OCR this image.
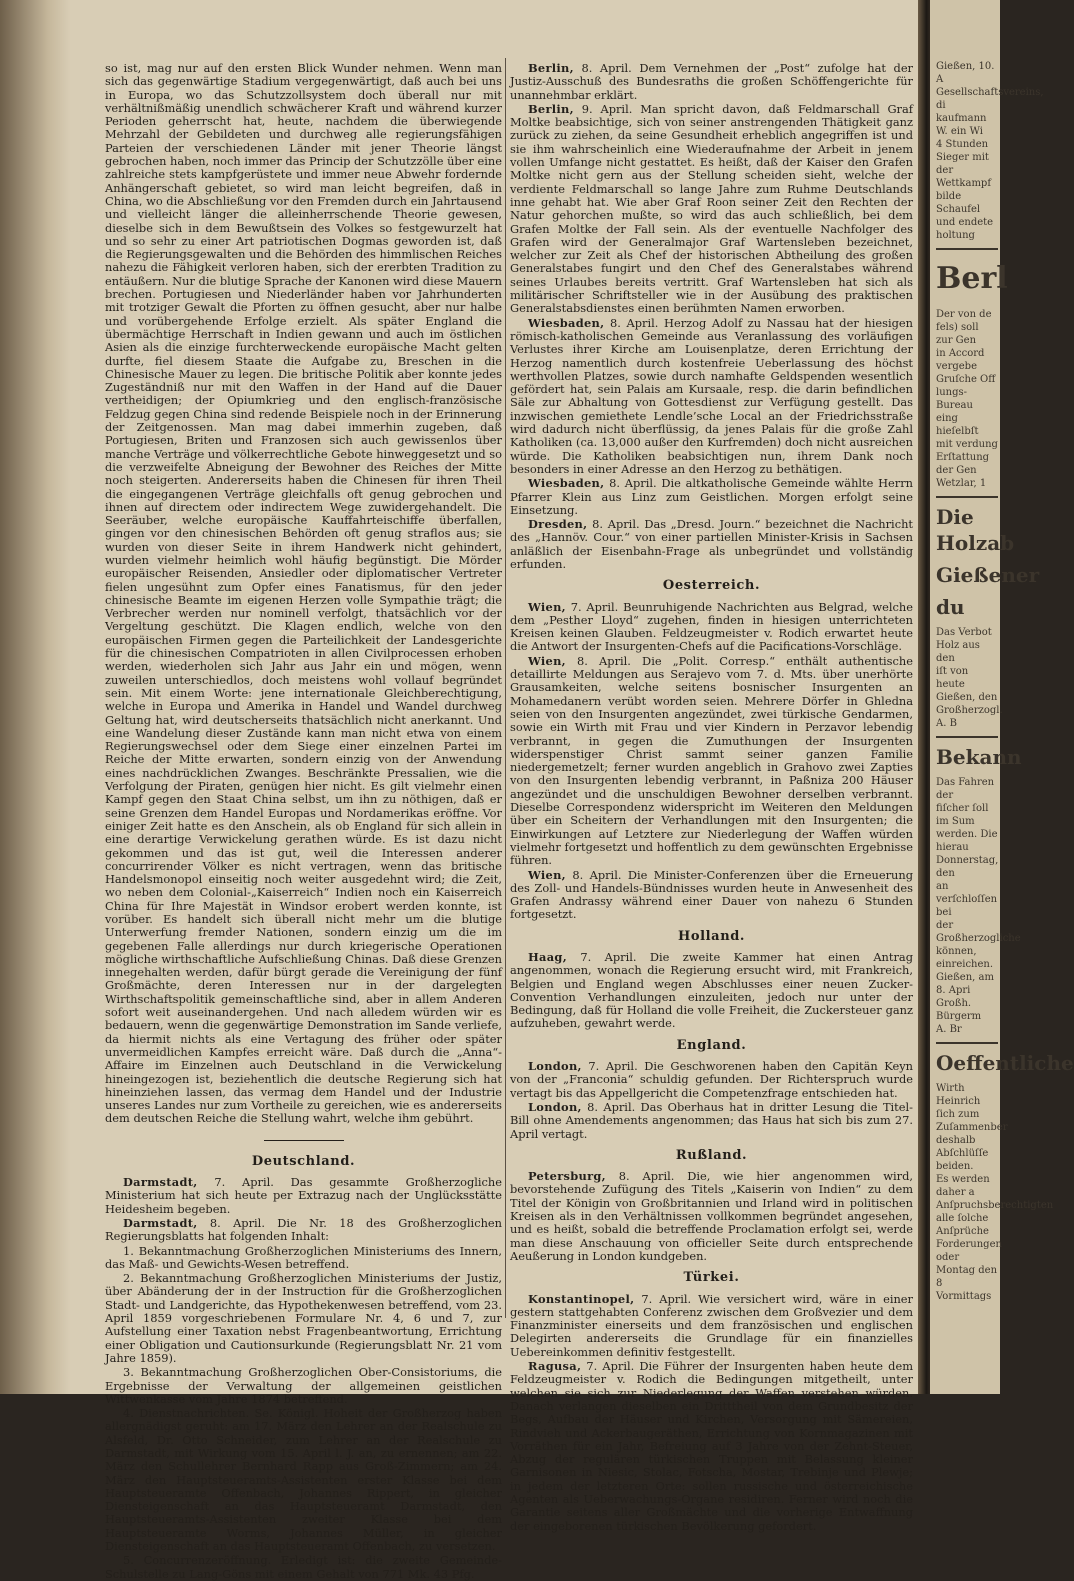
so ist, mag nur auf den ersten Blick Wunder nehmen. Wenn man sich das gegenwärtige Stadium vergegenwärtigt, daß auch bei uns in Europa, wo das Schutzzollsystem doch überall nur mit verhältnißmäßig unendlich schwächerer Kraft und während kurzer Perioden geherrscht hat, heute, nachdem die überwiegende Mehrzahl der Gebildeten und durchweg alle regierungsfähigen Parteien der verschiedenen Länder mit jener Theorie längst gebrochen haben, noch immer das Princip der Schutzzölle über eine zahlreiche stets kampfgerüstete und immer neue Abwehr fordernde Anhängerschaft gebietet, so wird man leicht begreifen, daß in China, wo die Abschließung vor den Fremden durch ein Jahrtausend und vielleicht länger die alleinherrschende Theorie gewesen, dieselbe sich in dem Bewußtsein des Volkes so festgewurzelt hat und so sehr zu einer Art patriotischen Dogmas geworden ist, daß die Regierungsgewalten und die Behörden des himmlischen Reiches nahezu die Fähigkeit verloren haben, sich der ererbten Tradition zu entäußern. Nur die blutige Sprache der Kanonen wird diese Mauern brechen. Portugiesen und Niederländer haben vor Jahrhunderten mit trotziger Gewalt die Pforten zu öffnen gesucht, aber nur halbe und vorübergehende Erfolge erzielt. Als später England die übermächtige Herrschaft in Indien gewann und auch im östlichen Asien als die einzige furchterweckende europäische Macht gelten durfte, fiel diesem Staate die Aufgabe zu, Breschen in die Chinesische Mauer zu legen. Die britische Politik aber konnte jedes Zugeständniß nur mit den Waffen in der Hand auf die Dauer vertheidigen; der Opiumkrieg und den englisch-französische Feldzug gegen China sind redende Beispiele noch in der Erinnerung der Zeitgenossen. Man mag dabei immerhin zugeben, daß Portugiesen, Briten und Franzosen sich auch gewissenlos über manche Verträge und völkerrechtliche Gebote hinweggesetzt und so die verzweifelte Abneigung der Bewohner des Reiches der Mitte noch steigerten. Andererseits haben die Chinesen für ihren Theil die eingegangenen Verträge gleichfalls oft genug gebrochen und ihnen auf directem oder indirectem Wege zuwidergehandelt. Die Seeräuber, welche europäische Kauffahrteischiffe überfallen, gingen vor den chinesischen Behörden oft genug straflos aus; sie wurden von dieser Seite in ihrem Handwerk nicht gehindert, wurden vielmehr heimlich wohl häufig begünstigt. Die Mörder europäischer Reisenden, Ansiedler oder diplomatischer Vertreter fielen ungesühnt zum Opfer eines Fanatismus, für den jeder chinesische Beamte im eigenen Herzen volle Sympathie trägt; die Verbrecher werden nur nominell verfolgt, thatsächlich vor der Vergeltung geschützt. Die Klagen endlich, welche von den europäischen Firmen gegen die Parteilichkeit der Landesgerichte für die chinesischen Compatrioten in allen Civilprocessen erhoben werden, wiederholen sich Jahr aus Jahr ein und mögen, wenn zuweilen unterschiedlos, doch meistens wohl vollauf begründet sein. Mit einem Worte: jene internationale Gleichberechtigung, welche in Europa und Amerika in Handel und Wandel durchweg Geltung hat, wird deutscherseits thatsächlich nicht anerkannt. Und eine Wandelung dieser Zustände kann man nicht etwa von einem Regierungswechsel oder dem Siege einer einzelnen Partei im Reiche der Mitte erwarten, sondern einzig von der Anwendung eines nachdrücklichen Zwanges. Beschränkte Pressalien, wie die Verfolgung der Piraten, genügen hier nicht. Es gilt vielmehr einen Kampf gegen den Staat China selbst, um ihn zu nöthigen, daß er seine Grenzen dem Handel Europas und Nordamerikas eröffne. Vor einiger Zeit hatte es den Anschein, als ob England für sich allein in eine derartige Verwickelung gerathen würde. Es ist dazu nicht gekommen und das ist gut, weil die Interessen anderer concurrirender Völker es nicht vertragen, wenn das britische Handelsmonopol einseitig noch weiter ausgedehnt wird; die Zeit, wo neben dem Colonial-„Kaiserreich“ Indien noch ein Kaiserreich China für Ihre Majestät in Windsor erobert werden konnte, ist vorüber. Es handelt sich überall nicht mehr um die blutige Unterwerfung fremder Nationen, sondern einzig um die im gegebenen Falle allerdings nur durch kriegerische Operationen mögliche wirthschaftliche Aufschließung Chinas. Daß diese Grenzen innegehalten werden, dafür bürgt gerade die Vereinigung der fünf Großmächte, deren Interessen nur in der dargelegten Wirthschaftspolitik gemeinschaftliche sind, aber in allem Anderen sofort weit auseinandergehen. Und nach alledem würden wir es bedauern, wenn die gegenwärtige Demonstration im Sande verliefe, da hiermit nichts als eine Vertagung des früher oder später unvermeidlichen Kampfes erreicht wäre. Daß durch die „Anna“-Affaire im Einzelnen auch Deutschland in die Verwickelung hineingezogen ist, beziehentlich die deutsche Regierung sich hat hineinziehen lassen, das vermag dem Handel und der Industrie unseres Landes nur zum Vortheile zu gereichen, wie es andererseits dem deutschen Reiche die Stellung wahrt, welche ihm gebührt.

Deutschland.

Darmstadt, 7. April. Das gesammte Großherzogliche Ministerium hat sich heute per Extrazug nach der Unglücksstätte Heidesheim begeben.

Darmstadt, 8. April. Die Nr. 18 des Großherzoglichen Regierungsblatts hat folgenden Inhalt:

1. Bekanntmachung Großherzoglichen Ministeriums des Innern, das Maß- und Gewichts-Wesen betreffend.

2. Bekanntmachung Großherzoglichen Ministeriums der Justiz, über Abänderung der in der Instruction für die Großherzoglichen Stadt- und Landgerichte, das Hypothekenwesen betreffend, vom 23. April 1859 vorgeschriebenen Formulare Nr. 4, 6 und 7, zur Aufstellung einer Taxation nebst Fragenbeantwortung, Errichtung einer Obligation und Cautionsurkunde (Regierungsblatt Nr. 21 vom Jahre 1859).

3. Bekanntmachung Großherzoglichen Ober-Consistoriums, die Ergebnisse der Verwaltung der allgemeinen geistlichen Wittwenkasse vom Jahre 1874 betreffend.

4. Dienstnachrichten. Se. Königl. Hoheit der Großherzog haben allergnädigst geruht: am 17. März den Lehrer an der Realschule zu Alsfeld, Dr. Otto Schneider, zum Lehrer an der Realschule zu Darmstadt, mit Wirkung vom 15. April l. J. an, zu ernennen; am 22. März den Schullehrer Bernhard Rapp aus Groß-Zimmern; am 24. März den Hauptsteueramts-Assistenten erster Klasse bei dem Hauptsteueramte Offenbach, Johannes Rippert, in gleicher Diensteigenschaft an das Hauptsteueramt Darmstadt, den Hauptsteueramts-Assistenten zweiter Klasse bei dem Hauptsteueramte Worms, Johannes Müller, in gleicher Diensteigenschaft an das Hauptsteueramt Offenbach, zu versetzen.

5. Concurrenzeröffnung. Erledigt ist: die zweite Gemeinde-Schulstelle zu Lang-Göns mit einem Gehalt von 771 Mk. 43 Pfg.

Berlin, 8. April. Dem Vernehmen der „Post“ zufolge hat der Justiz-Ausschuß des Bundesraths die großen Schöffengerichte für unannehmbar erklärt.

Berlin, 9. April. Man spricht davon, daß Feldmarschall Graf Moltke beabsichtige, sich von seiner anstrengenden Thätigkeit ganz zurück zu ziehen, da seine Gesundheit erheblich angegriffen ist und sie ihm wahrscheinlich eine Wiederaufnahme der Arbeit in jenem vollen Umfange nicht gestattet. Es heißt, daß der Kaiser den Grafen Moltke nicht gern aus der Stellung scheiden sieht, welche der verdiente Feldmarschall so lange Jahre zum Ruhme Deutschlands inne gehabt hat. Wie aber Graf Roon seiner Zeit den Rechten der Natur gehorchen mußte, so wird das auch schließlich, bei dem Grafen Moltke der Fall sein. Als der eventuelle Nachfolger des Grafen wird der Generalmajor Graf Wartensleben bezeichnet, welcher zur Zeit als Chef der historischen Abtheilung des großen Generalstabes fungirt und den Chef des Generalstabes während seines Urlaubes bereits vertritt. Graf Wartensleben hat sich als militärischer Schriftsteller wie in der Ausübung des praktischen Generalstabsdienstes einen berühmten Namen erworben.

Wiesbaden, 8. April. Herzog Adolf zu Nassau hat der hiesigen römisch-katholischen Gemeinde aus Veranlassung des vorläufigen Verlustes ihrer Kirche am Louisenplatze, deren Errichtung der Herzog namentlich durch kostenfreie Ueberlassung des höchst werthvollen Platzes, sowie durch namhafte Geldspenden wesentlich gefördert hat, sein Palais am Kursaale, resp. die darin befindlichen Säle zur Abhaltung von Gottesdienst zur Verfügung gestellt. Das inzwischen gemiethete Lendle’sche Local an der Friedrichsstraße wird dadurch nicht überflüssig, da jenes Palais für die große Zahl Katholiken (ca. 13,000 außer den Kurfremden) doch nicht ausreichen würde. Die Katholiken beabsichtigen nun, ihrem Dank noch besonders in einer Adresse an den Herzog zu bethätigen.

Wiesbaden, 8. April. Die altkatholische Gemeinde wählte Herrn Pfarrer Klein aus Linz zum Geistlichen. Morgen erfolgt seine Einsetzung.

Dresden, 8. April. Das „Dresd. Journ.“ bezeichnet die Nachricht des „Hannöv. Cour.“ von einer partiellen Minister-Krisis in Sachsen anläßlich der Eisenbahn-Frage als unbegründet und vollständig erfunden.

Oesterreich.

Wien, 7. April. Beunruhigende Nachrichten aus Belgrad, welche dem „Pesther Lloyd“ zugehen, finden in hiesigen unterrichteten Kreisen keinen Glauben. Feldzeugmeister v. Rodich erwartet heute die Antwort der Insurgenten-Chefs auf die Pacifications-Vorschläge.

Wien, 8. April. Die „Polit. Corresp.“ enthält authentische detaillirte Meldungen aus Serajevo vom 7. d. Mts. über unerhörte Grausamkeiten, welche seitens bosnischer Insurgenten an Mohamedanern verübt worden seien. Mehrere Dörfer in Ghledna seien von den Insurgenten angezündet, zwei türkische Gendarmen, sowie ein Wirth mit Frau und vier Kindern in Perzavor lebendig verbrannt, in gegen die Zumuthungen der Insurgenten widerspenstiger Christ sammt seiner ganzen Familie niedergemetzelt; ferner wurden angeblich in Grahovo zwei Zapties von den Insurgenten lebendig verbrannt, in Paßniza 200 Häuser angezündet und die unschuldigen Bewohner derselben verbrannt. Dieselbe Correspondenz widerspricht im Weiteren den Meldungen über ein Scheitern der Verhandlungen mit den Insurgenten; die Einwirkungen auf Letztere zur Niederlegung der Waffen würden vielmehr fortgesetzt und hoffentlich zu dem gewünschten Ergebnisse führen.

Wien, 8. April. Die Minister-Conferenzen über die Erneuerung des Zoll- und Handels-Bündnisses wurden heute in Anwesenheit des Grafen Andrassy während einer Dauer von nahezu 6 Stunden fortgesetzt.

Holland.

Haag, 7. April. Die zweite Kammer hat einen Antrag angenommen, wonach die Regierung ersucht wird, mit Frankreich, Belgien und England wegen Abschlusses einer neuen Zucker-Convention Verhandlungen einzuleiten, jedoch nur unter der Bedingung, daß für Holland die volle Freiheit, die Zuckersteuer ganz aufzuheben, gewahrt werde.

England.

London, 7. April. Die Geschworenen haben den Capitän Keyn von der „Franconia“ schuldig gefunden. Der Richterspruch wurde vertagt bis das Appellgericht die Competenzfrage entschieden hat.

London, 8. April. Das Oberhaus hat in dritter Lesung die Titel-Bill ohne Amendements angenommen; das Haus hat sich bis zum 27. April vertagt.

Rußland.

Petersburg, 8. April. Die, wie hier angenommen wird, bevorstehende Zufügung des Titels „Kaiserin von Indien“ zu dem Titel der Königin von Großbritannien und Irland wird in politischen Kreisen als in den Verhältnissen vollkommen begründet angesehen, und es heißt, sobald die betreffende Proclamation erfolgt sei, werde man diese Anschauung von officieller Seite durch entsprechende Aeußerung in London kundgeben.

Türkei.

Konstantinopel, 7. April. Wie versichert wird, wäre in einer gestern stattgehabten Conferenz zwischen dem Großvezier und dem Finanzminister einerseits und dem französischen und englischen Delegirten andererseits die Grundlage für ein finanzielles Uebereinkommen definitiv festgestellt.

Ragusa, 7. April. Die Führer der Insurgenten haben heute dem Feldzeugmeister v. Rodich die Bedingungen mitgetheilt, unter welchen sie sich zur Niederlegung der Waffen verstehen würden. Danach verlangen dieselben ein Dritttheil von dem Grundbesitz der Begs, Aufbau der Häuser und Kirchen, Versorgung mit Sämereien, Rindvieh und Ackerbaugeräthen, Errichtung von Kornmagazinen mit Vorräthen für ein Jahr, Befreiung auf 3 Jahre von der Zehnt-Steuer, Abzug der regulären türkischen Truppen mit Belassung kleiner Garnisonen in Niesic, Stolac, Fotscha, Mostar, Trebinje und Plewje; in jedem der letzteren Orte: sollen russische und österreichische Agenten als Ueberwachungs-Organe residiren. Ferner wird noch die Garantie seitens aller Großmächte und die vorherige Entwaffnung der eingeborenen türkischen Bevölkerung gefordert.

Gießen, 10. A
Gesellschaftsvereins, di
kaufmann W. ein Wi
4 Stunden Sieger mit
der Wettkampf bilde
Schaufel und endete
holtung
Berl
Der von de
fels) soll zur Gen
in Accord vergebe
Gruſche Off
lungs-Bureau eing
hieſelbſt mit verdung
Erſtattung der Gen
Wetzlar, 1
Die Holzab
Gießener
du
Das Verbot
Holz aus den
iſt von heute
Gießen, den
Großherzogl.
A. B
Bekann
Das Fahren der
fiſcher ſoll im Sum
werden. Die hierau
Donnerstag, den
an verſchloſſen bei
der Großherzogliche
können, einreichen.
Gießen, am 8. Apri
Großh. Bürgerm
A. Br
Oeffentliche
Wirth Heinrich
ſich zum Zuſammenber
deshalb Abſchlüſſe
beiden.
Es werden daher a
Anſpruchsberechtigten
alle ſolche Anſprüche
Forderungen oder
Montag den 8
Vormittags
